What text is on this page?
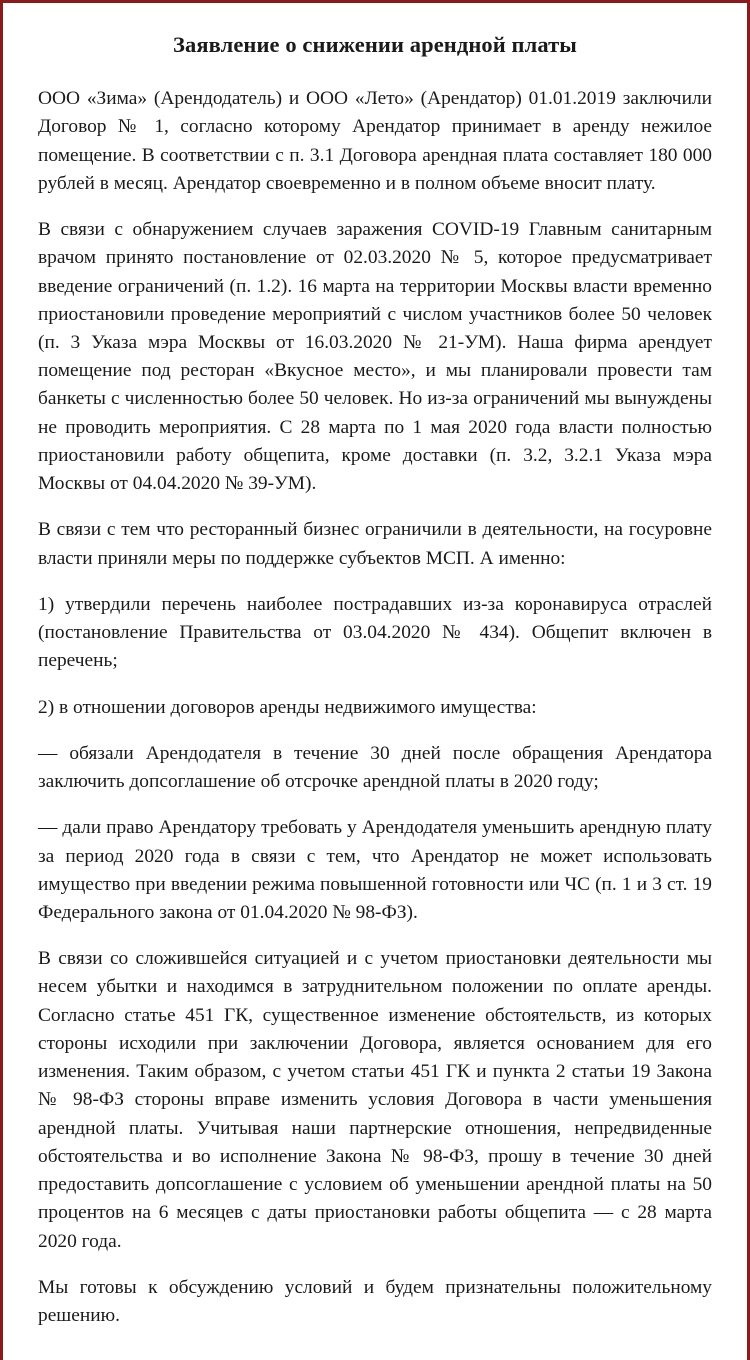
Заявление о снижении арендной платы

ООО «Зима» (Арендодатель) и ООО «Лето» (Арендатор) 01.01.2019 заключили Договор № 1, согласно которому Арендатор принимает в аренду нежилое помещение. В соответствии с п. 3.1 Договора арендная плата составляет 180 000 рублей в месяц. Арендатор своевременно и в полном объеме вносит плату.

В связи с обнаружением случаев заражения COVID-19 Главным санитарным врачом принято постановление от 02.03.2020 № 5, которое предусматривает введение ограничений (п. 1.2). 16 марта на территории Москвы власти временно приостановили проведение мероприятий с числом участников более 50 человек (п. 3 Указа мэра Москвы от 16.03.2020 № 21-УМ). Наша фирма арендует помещение под ресторан «Вкусное место», и мы планировали провести там банкеты с численностью более 50 человек. Но из-за ограничений мы вынуждены не проводить мероприятия. С 28 марта по 1 мая 2020 года власти полностью приостановили работу общепита, кроме доставки (п. 3.2, 3.2.1 Указа мэра Москвы от 04.04.2020 № 39-УМ).

В связи с тем что ресторанный бизнес ограничили в деятельности, на госуровне власти приняли меры по поддержке субъектов МСП. А именно:

1) утвердили перечень наиболее пострадавших из-за коронавируса отраслей (постановление Правительства от 03.04.2020 № 434). Общепит включен в перечень;

2) в отношении договоров аренды недвижимого имущества:

— обязали Арендодателя в течение 30 дней после обращения Арендатора заключить допсоглашение об отсрочке арендной платы в 2020 году;

— дали право Арендатору требовать у Арендодателя уменьшить арендную плату за период 2020 года в связи с тем, что Арендатор не может использовать имущество при введении режима повышенной готовности или ЧС (п. 1 и 3 ст. 19 Федерального закона от 01.04.2020 № 98-ФЗ).

В связи со сложившейся ситуацией и с учетом приостановки деятельности мы несем убытки и находимся в затруднительном положении по оплате аренды. Согласно статье 451 ГК, существенное изменение обстоятельств, из которых стороны исходили при заключении Договора, является основанием для его изменения. Таким образом, с учетом статьи 451 ГК и пункта 2 статьи 19 Закона № 98-ФЗ стороны вправе изменить условия Договора в части уменьшения арендной платы. Учитывая наши партнерские отношения, непредвиденные обстоятельства и во исполнение Закона № 98-ФЗ, прошу в течение 30 дней предоставить допсоглашение с условием об уменьшении арендной платы на 50 процентов на 6 месяцев с даты приостановки работы общепита — с 28 марта 2020 года.

Мы готовы к обсуждению условий и будем признательны положительному решению.
